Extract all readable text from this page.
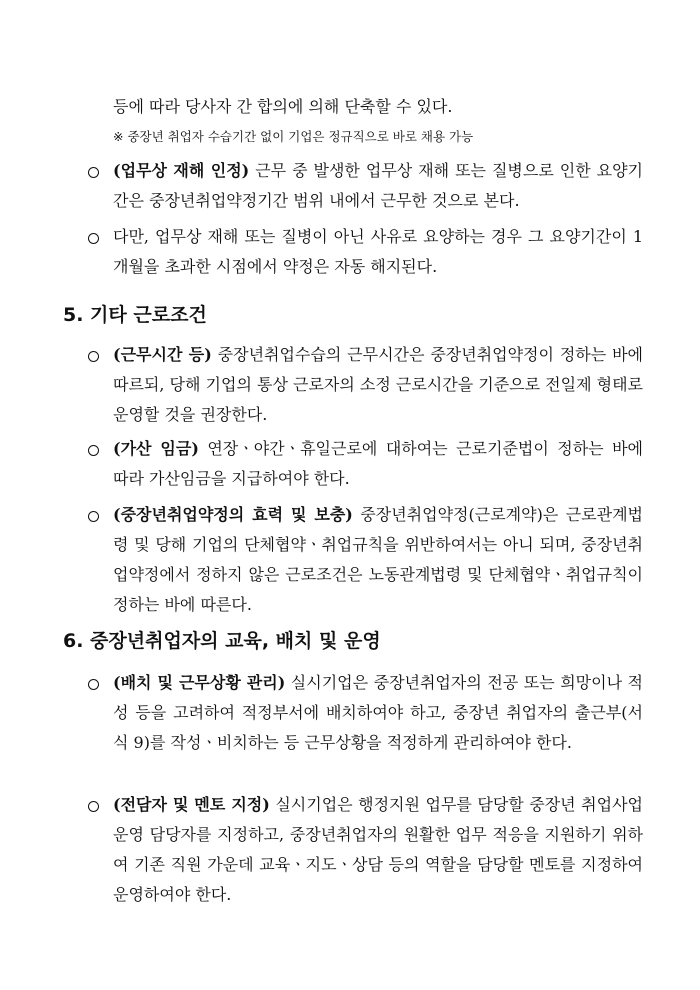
등에 따라 당사자 간 합의에 의해 단축할 수 있다.

※ 중장년 취업자 수습기간 없이 기업은 정규직으로 바로 채용 가능

(업무상 재해 인정) 근무 중 발생한 업무상 재해 또는 질병으로 인한 요양기간은 중장년취업약정기간 범위 내에서 근무한 것으로 본다.

다만, 업무상 재해 또는 질병이 아닌 사유로 요양하는 경우 그 요양기간이 1개월을 초과한 시점에서 약정은 자동 해지된다.

5. 기타 근로조건

(근무시간 등) 중장년취업수습의 근무시간은 중장년취업약정이 정하는 바에 따르되, 당해 기업의 통상 근로자의 소정 근로시간을 기준으로 전일제 형태로 운영할 것을 권장한다.

(가산 임금) 연장ㆍ야간ㆍ휴일근로에 대하여는 근로기준법이 정하는 바에 따라 가산임금을 지급하여야 한다.

(중장년취업약정의 효력 및 보충) 중장년취업약정(근로계약)은 근로관계법령 및 당해 기업의 단체협약ㆍ취업규칙을 위반하여서는 아니 되며, 중장년취업약정에서 정하지 않은 근로조건은 노동관계법령 및 단체협약ㆍ취업규칙이 정하는 바에 따른다.

6. 중장년취업자의 교육, 배치 및 운영

(배치 및 근무상황 관리) 실시기업은 중장년취업자의 전공 또는 희망이나 적성 등을 고려하여 적정부서에 배치하여야 하고, 중장년 취업자의 출근부(서식 9)를 작성ㆍ비치하는 등 근무상황을 적정하게 관리하여야 한다.

(전담자 및 멘토 지정) 실시기업은 행정지원 업무를 담당할 중장년 취업사업 운영 담당자를 지정하고, 중장년취업자의 원활한 업무 적응을 지원하기 위하여 기존 직원 가운데 교육ㆍ지도ㆍ상담 등의 역할을 담당할 멘토를 지정하여 운영하여야 한다.
